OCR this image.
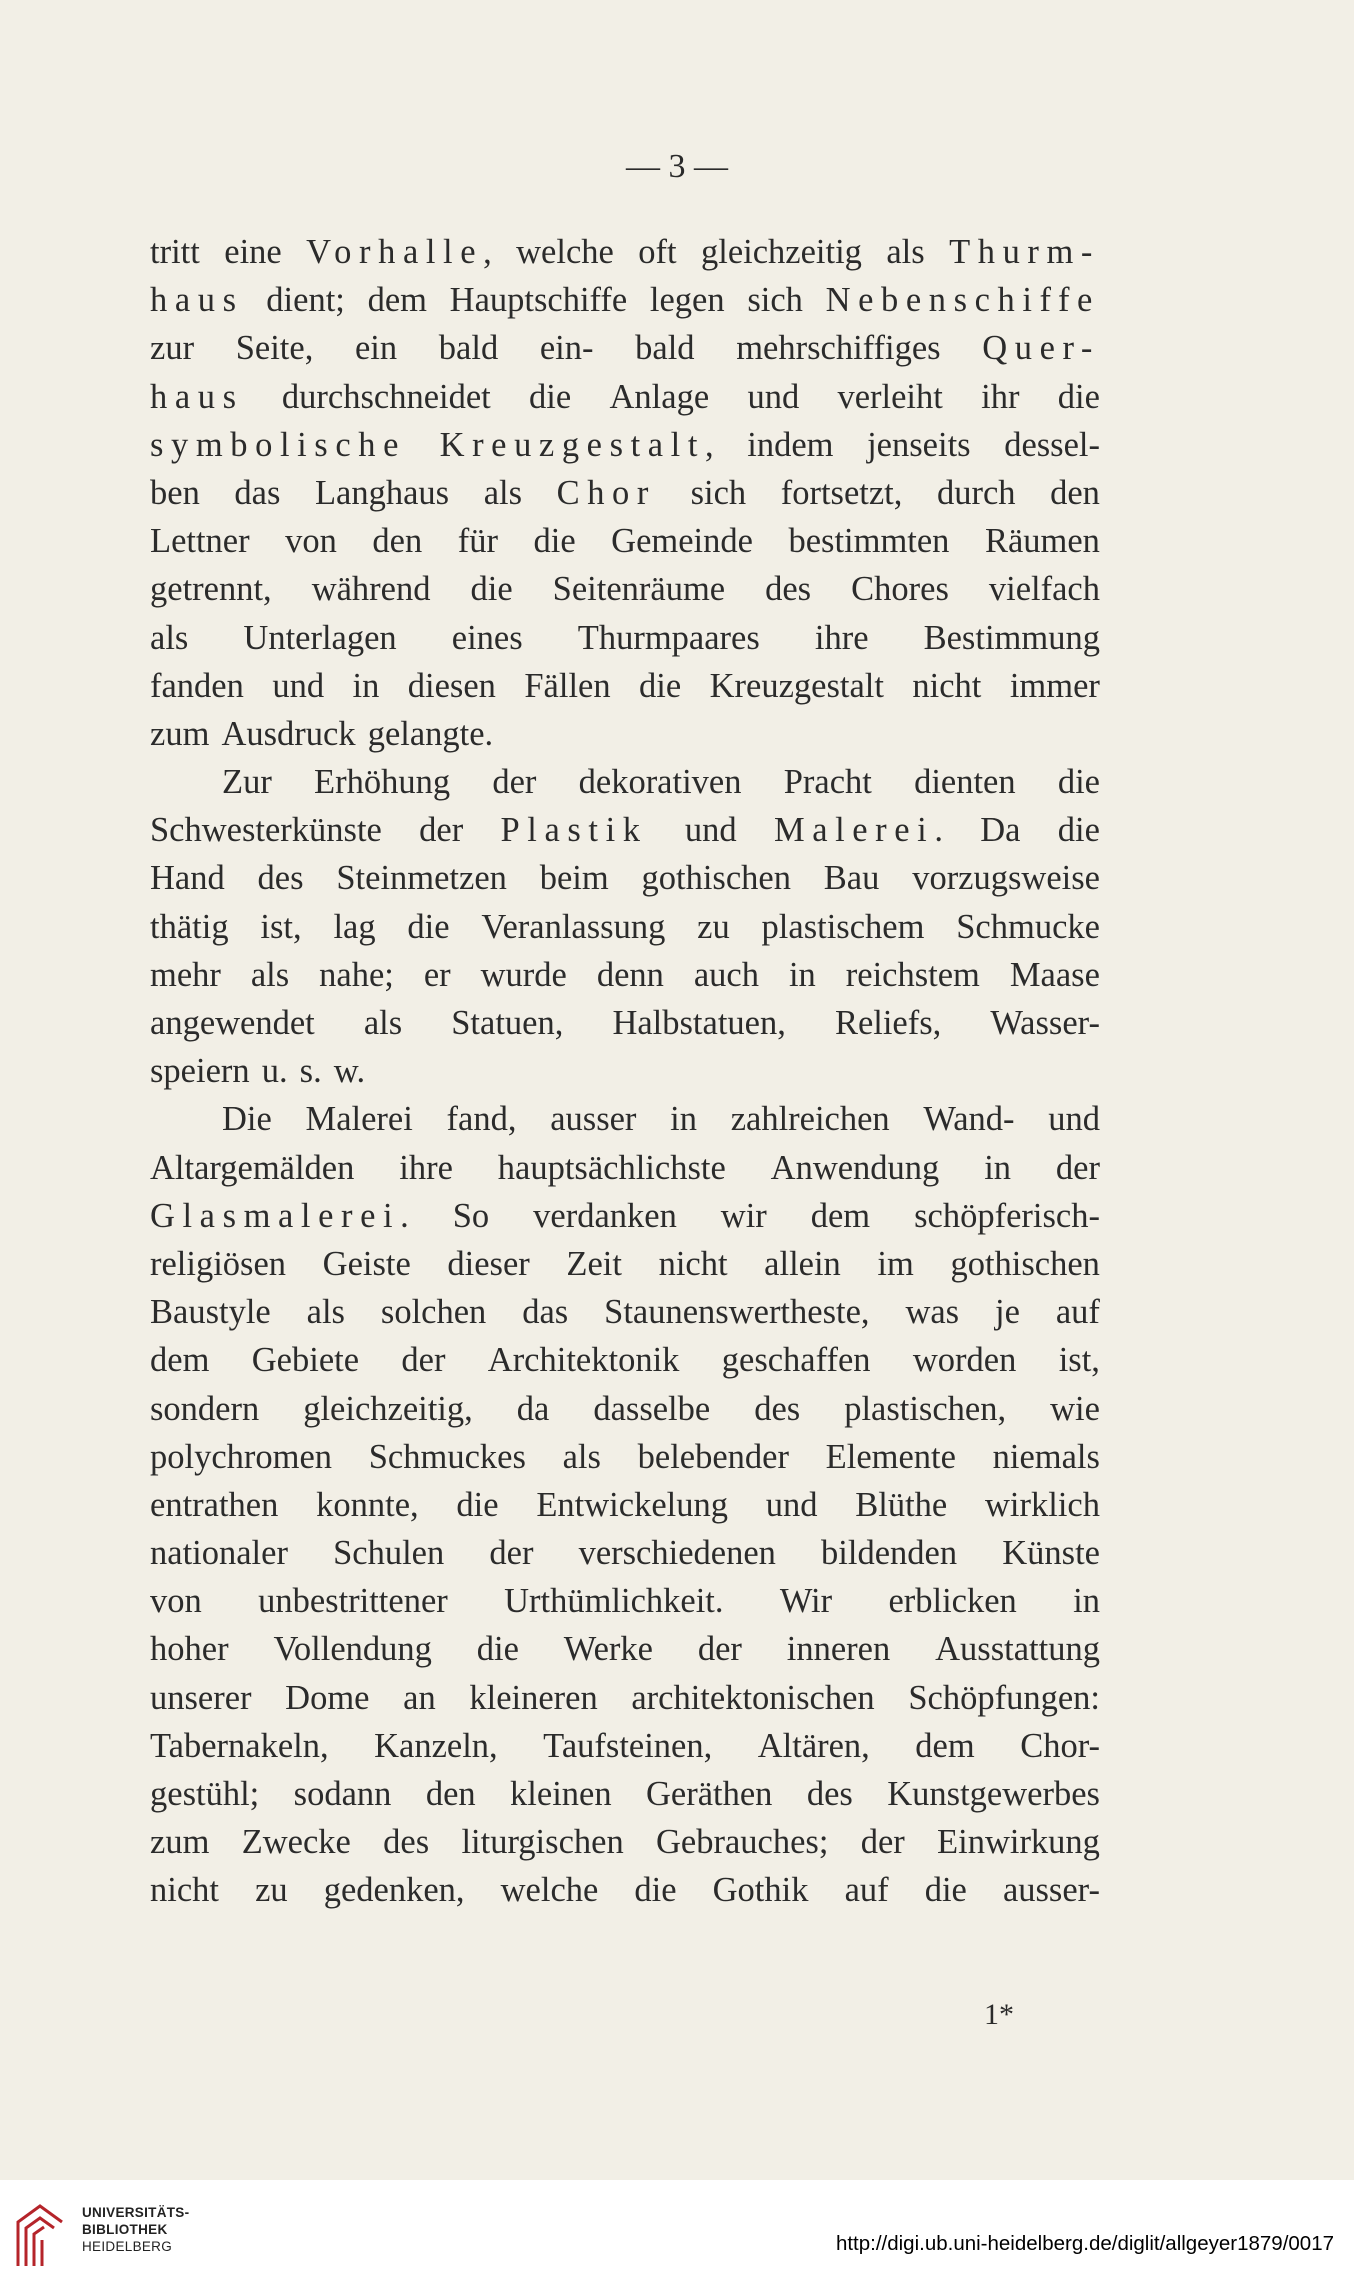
— 3 —
tritt eine Vorhalle, welche oft gleichzeitig als Thurm-
haus dient; dem Hauptschiffe legen sich Nebenschiffe
zur Seite, ein bald ein- bald mehrschiffiges Quer-
haus durchschneidet die Anlage und verleiht ihr die
symbolische Kreuzgestalt, indem jenseits dessel-
ben das Langhaus als Chor sich fortsetzt, durch den
Lettner von den für die Gemeinde bestimmten Räumen
getrennt, während die Seitenräume des Chores vielfach
als Unterlagen eines Thurmpaares ihre Bestimmung
fanden und in diesen Fällen die Kreuzgestalt nicht immer
zum Ausdruck gelangte.
Zur Erhöhung der dekorativen Pracht dienten die
Schwesterkünste der Plastik und Malerei. Da die
Hand des Steinmetzen beim gothischen Bau vorzugsweise
thätig ist, lag die Veranlassung zu plastischem Schmucke
mehr als nahe; er wurde denn auch in reichstem Maase
angewendet als Statuen, Halbstatuen, Reliefs, Wasser-
speiern u. s. w.
Die Malerei fand, ausser in zahlreichen Wand- und
Altargemälden ihre hauptsächlichste Anwendung in der
Glasmalerei. So verdanken wir dem schöpferisch-
religiösen Geiste dieser Zeit nicht allein im gothischen
Baustyle als solchen das Staunenswertheste, was je auf
dem Gebiete der Architektonik geschaffen worden ist,
sondern gleichzeitig, da dasselbe des plastischen, wie
polychromen Schmuckes als belebender Elemente niemals
entrathen konnte, die Entwickelung und Blüthe wirklich
nationaler Schulen der verschiedenen bildenden Künste
von unbestrittener Urthümlichkeit. Wir erblicken in
hoher Vollendung die Werke der inneren Ausstattung
unserer Dome an kleineren architektonischen Schöpfungen:
Tabernakeln, Kanzeln, Taufsteinen, Altären, dem Chor-
gestühl; sodann den kleinen Geräthen des Kunstgewerbes
zum Zwecke des liturgischen Gebrauches; der Einwirkung
nicht zu gedenken, welche die Gothik auf die ausser-
1*
UNIVERSITÄTS-
BIBLIOTHEK
HEIDELBERG	http://digi.ub.uni-heidelberg.de/diglit/allgeyer1879/0017
